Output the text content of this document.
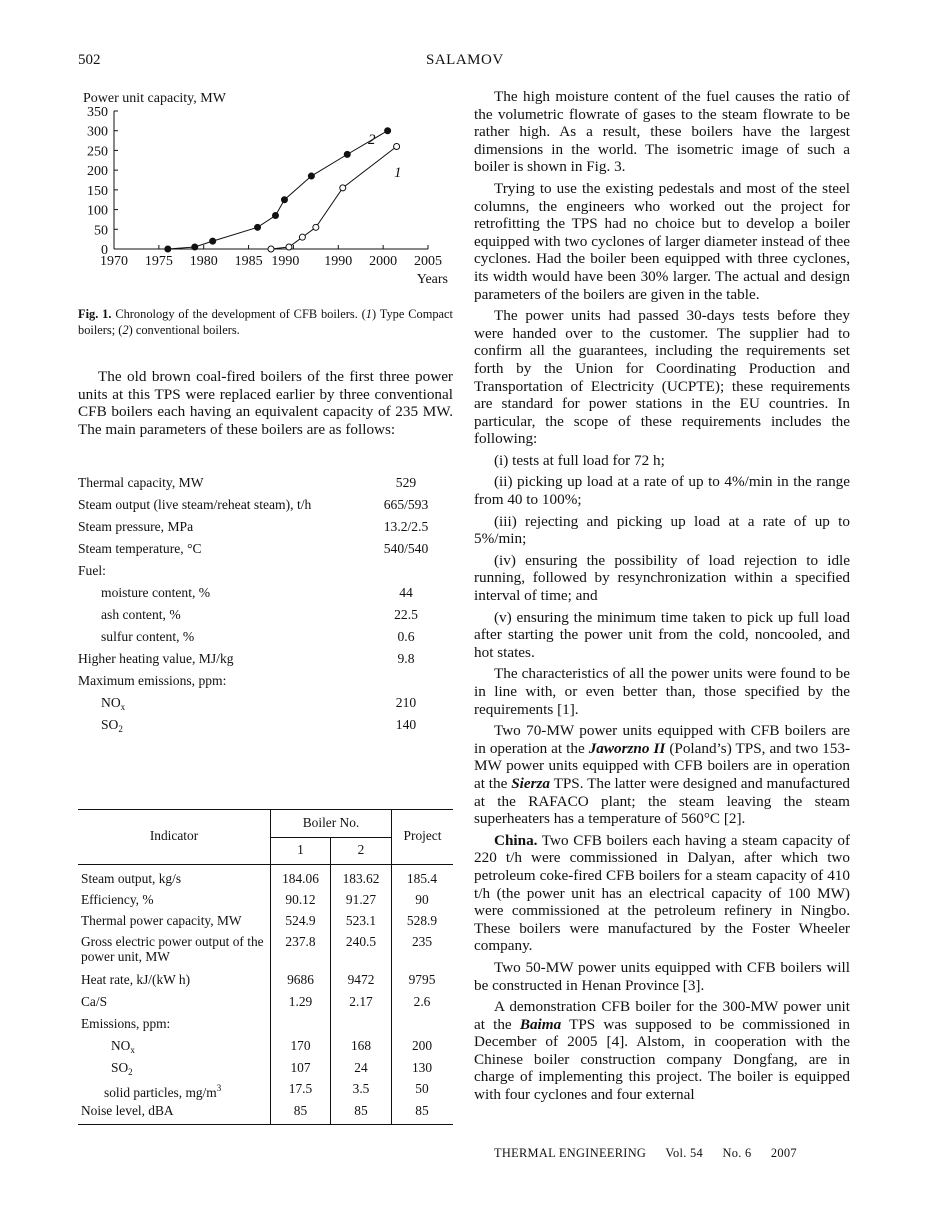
502	SALAMOV
Power unit capacity, MW
Years
350
300
250
200
150
100
50
0
1970 1975 1980 1985	1990 2000 2005
1990
1
2
Fig. 1. Chronology of the development of CFB boilers. (1) Type Compact boilers; (2) conventional boilers.

The old brown coal-fired boilers of the first three power units at this TPS were replaced earlier by three conventional CFB boilers each having an equivalent capacity of 235 MW. The main parameters of these boilers are as follows:

Thermal capacity, MW	529
Steam output (live steam/reheat steam), t/h	665/593
Steam pressure, MPa	13.2/2.5
Steam temperature, °C	540/540
Fuel:
moisture content, %	44
ash content, %	22.5
sulfur content, %	0.6
Higher heating value, MJ/kg	9.8
Maximum emissions, ppm:
$NO_x$	210
$SO_2$	140
Indicator
Boiler No.
Project
1	2
Steam output, kg/s	184.06	183.62	185.4
Efficiency, %	90.12	91.27	90
Thermal power capacity, MW	524.9	523.1	528.9
Gross electric power output of the power unit, MW
237.8	240.5	235
Heat rate, kJ/(kW h)	9686	9472	9795
Ca/S	1.29	2.17	2.6
Emissions, ppm:
$NO_x$	170	168	200
$SO_2$	107	24	130
solid particles, $mg/m^3$	17.5	3.5	50
Noise level, dBA	85	85	85

The high moisture content of the fuel causes the ratio of the volumetric flowrate of gases to the steam flowrate to be rather high. As a result, these boilers have the largest dimensions in the world. The isometric image of such a boiler is shown in Fig. 3.

Trying to use the existing pedestals and most of the steel columns, the engineers who worked out the project for retrofitting the TPS had no choice but to develop a boiler equipped with two cyclones of larger diameter instead of thee cyclones. Had the boiler been equipped with three cyclones, its width would have been 30% larger. The actual and design parameters of the boilers are given in the table.

The power units had passed 30-days tests before they were handed over to the customer. The supplier had to confirm all the guarantees, including the requirements set forth by the Union for Coordinating Production and Transportation of Electricity (UCPTE); these requirements are standard for power stations in the EU countries. In particular, the scope of these requirements includes the following:

(i) tests at full load for 72 h;

(ii) picking up load at a rate of up to 4%/min in the range from 40 to 100%;

(iii) rejecting and picking up load at a rate of up to 5%/min;

(iv) ensuring the possibility of load rejection to idle running, followed by resynchronization within a specified interval of time; and

(v) ensuring the minimum time taken to pick up full load after starting the power unit from the cold, noncooled, and hot states.

The characteristics of all the power units were found to be in line with, or even better than, those specified by the requirements [1].

Two 70-MW power units equipped with CFB boilers are in operation at the Jaworzno II (Poland’s) TPS, and two 153-MW power units equipped with CFB boilers are in operation at the Sierza TPS. The latter were designed and manufactured at the RAFACO plant; the steam leaving the steam superheaters has a temperature of 560°C [2].

China. Two CFB boilers each having a steam capacity of 220 t/h were commissioned in Dalyan, after which two petroleum coke-fired CFB boilers for a steam capacity of 410 t/h (the power unit has an electrical capacity of 100 MW) were commissioned at the petroleum refinery in Ningbo. These boilers were manufactured by the Foster Wheeler company.

Two 50-MW power units equipped with CFB boilers will be constructed in Henan Province [3].

A demonstration CFB boiler for the 300-MW power unit at the Baima TPS was supposed to be commissioned in December of 2005 [4]. Alstom, in cooperation with the Chinese boiler construction company Dongfang, are in charge of implementing this project. The boiler is equipped with four cyclones and four external

THERMAL ENGINEERING Vol. 54 No. 6 2007
